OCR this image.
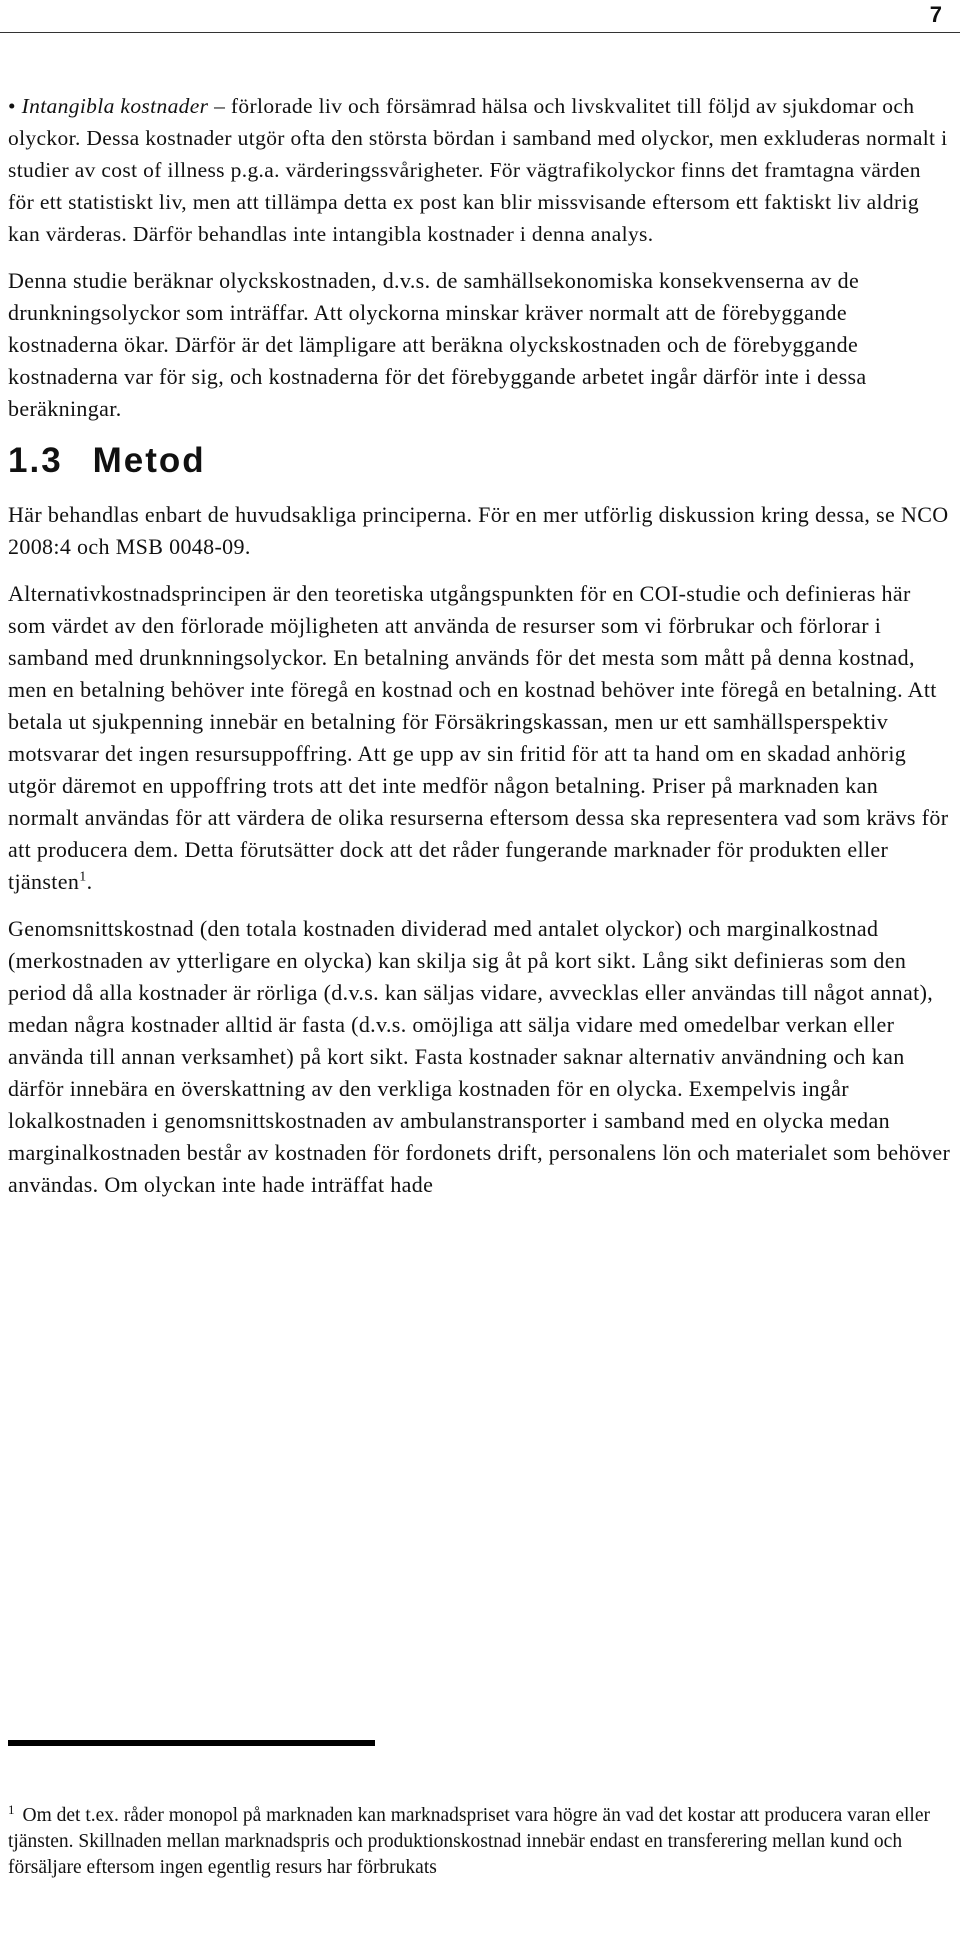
7

• Intangibla kostnader – förlorade liv och försämrad hälsa och livskvalitet till följd av sjukdomar och olyckor. Dessa kostnader utgör ofta den största bördan i samband med olyckor, men exkluderas normalt i studier av cost of illness p.g.a. värderingssvårigheter. För vägtrafikolyckor finns det framtagna värden för ett statistiskt liv, men att tillämpa detta ex post kan blir missvisande eftersom ett faktiskt liv aldrig kan värderas. Därför behandlas inte intangibla kostnader i denna analys.

Denna studie beräknar olyckskostnaden, d.v.s. de samhällsekonomiska konsekvenserna av de drunkningsolyckor som inträffar. Att olyckorna minskar kräver normalt att de förebyggande kostnaderna ökar. Därför är det lämpligare att beräkna olyckskostnaden och de förebyggande kostnaderna var för sig, och kostnaderna för det förebyggande arbetet ingår därför inte i dessa beräkningar.

1.3 Metod

Här behandlas enbart de huvudsakliga principerna. För en mer utförlig diskussion kring dessa, se NCO 2008:4 och MSB 0048-09.

Alternativkostnadsprincipen är den teoretiska utgångspunkten för en COI-studie och definieras här som värdet av den förlorade möjligheten att använda de resurser som vi förbrukar och förlorar i samband med drunknningsolyckor. En betalning används för det mesta som mått på denna kostnad, men en betalning behöver inte föregå en kostnad och en kostnad behöver inte föregå en betalning. Att betala ut sjukpenning innebär en betalning för Försäkringskassan, men ur ett samhällsperspektiv motsvarar det ingen resursuppoffring. Att ge upp av sin fritid för att ta hand om en skadad anhörig utgör däremot en uppoffring trots att det inte medför någon betalning. Priser på marknaden kan normalt användas för att värdera de olika resurserna eftersom dessa ska representera vad som krävs för att producera dem. Detta förutsätter dock att det råder fungerande marknader för produkten eller tjänsten$^1$.

Genomsnittskostnad (den totala kostnaden dividerad med antalet olyckor) och marginalkostnad (merkostnaden av ytterligare en olycka) kan skilja sig åt på kort sikt. Lång sikt definieras som den period då alla kostnader är rörliga (d.v.s. kan säljas vidare, avvecklas eller användas till något annat), medan några kostnader alltid är fasta (d.v.s. omöjliga att sälja vidare med omedelbar verkan eller använda till annan verksamhet) på kort sikt. Fasta kostnader saknar alternativ användning och kan därför innebära en överskattning av den verkliga kostnaden för en olycka. Exempelvis ingår lokalkostnaden i genomsnittskostnaden av ambulanstransporter i samband med en olycka medan marginalkostnaden består av kostnaden för fordonets drift, personalens lön och materialet som behöver användas. Om olyckan inte hade inträffat hade

$^1$ Om det t.ex. råder monopol på marknaden kan marknadspriset vara högre än vad det kostar att producera varan eller tjänsten. Skillnaden mellan marknadspris och produktionskostnad innebär endast en transferering mellan kund och försäljare eftersom ingen egentlig resurs har förbrukats
